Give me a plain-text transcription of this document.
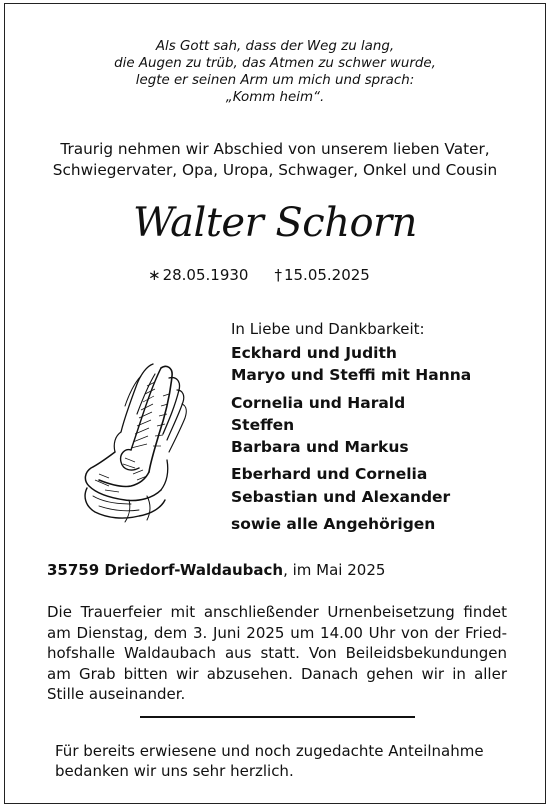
Als Gott sah, dass der Weg zu lang,
die Augen zu trüb, das Atmen zu schwer wurde,
legte er seinen Arm um mich und sprach:
„Komm heim“.
Traurig nehmen wir Abschied von unserem lieben Vater,
Schwiegervater, Opa, Uropa, Schwager, Onkel und Cousin
Walter Schorn
∗ 28.05.1930 † 15.05.2025
In Liebe und Dankbarkeit:
Eckhard und Judith
Maryo und Steffi mit Hanna
Cornelia und Harald
Steffen
Barbara und Markus
Eberhard und Cornelia
Sebastian und Alexander
sowie alle Angehörigen
35759 Driedorf-Waldaubach, im Mai 2025
Die Trauerfeier mit anschließender Urnenbeisetzung findet
am Dienstag, dem 3. Juni 2025 um 14.00 Uhr von der Fried-
hofshalle Waldaubach aus statt. Von Beileidsbekundungen
am Grab bitten wir abzusehen. Danach gehen wir in aller
Stille auseinander.
Für bereits erwiesene und noch zugedachte Anteilnahme
bedanken wir uns sehr herzlich.
